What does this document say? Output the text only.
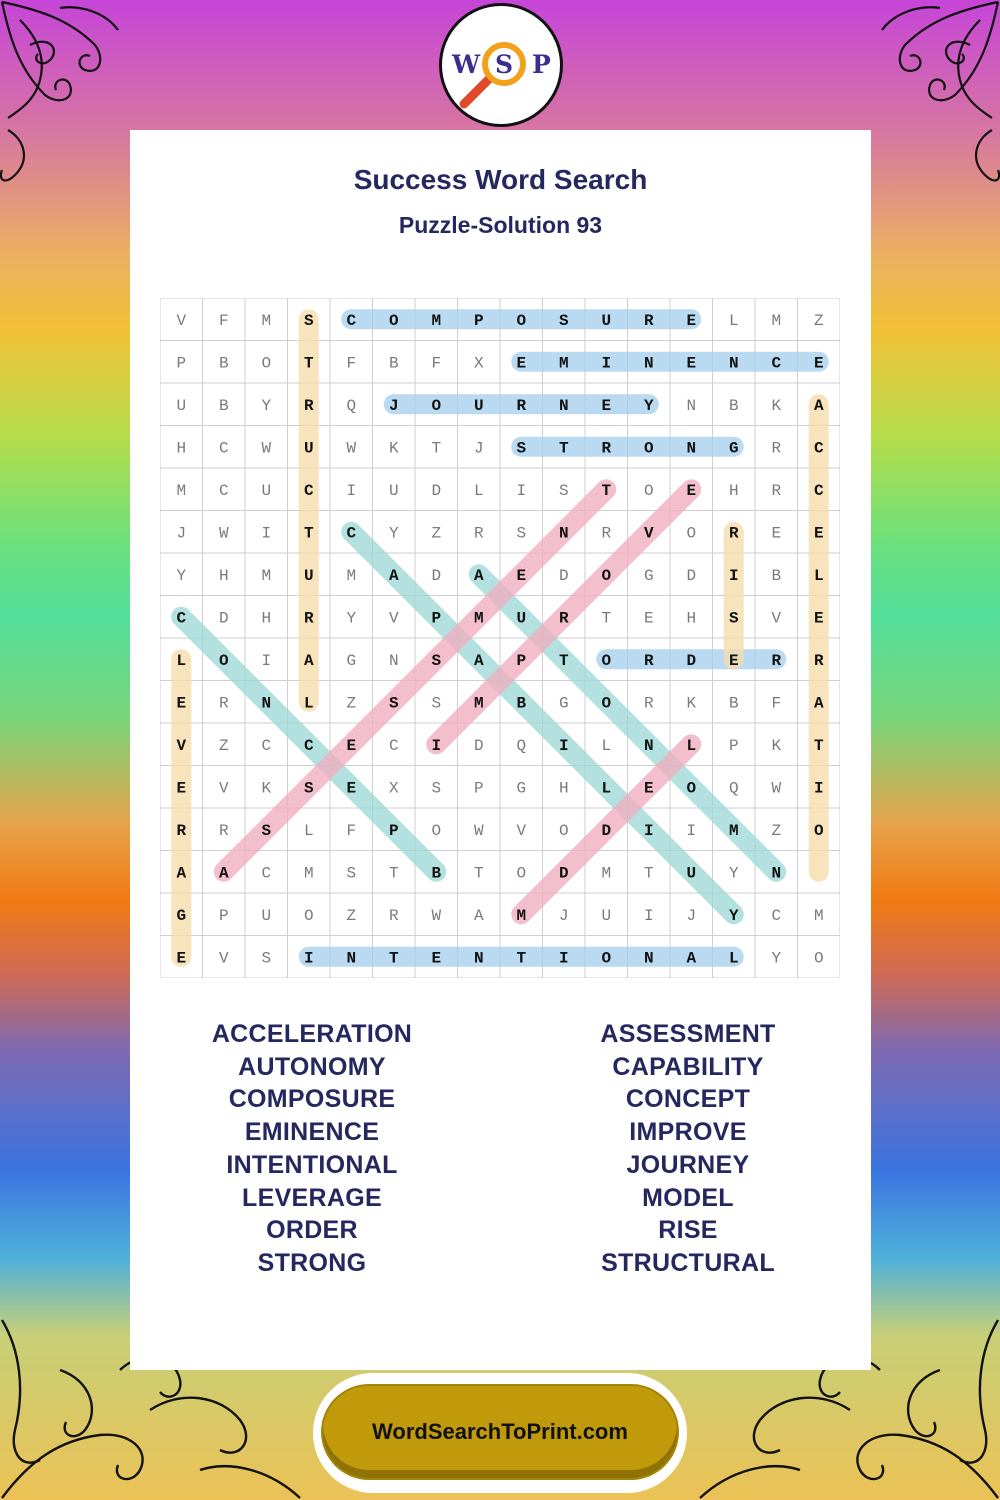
Success Word Search
Puzzle-Solution 93
W S P
V F M S C O M P O S U R E L M Z
P B O T F B F X E M I N E N C E
U B Y R Q J O U R N E Y N B K A
H C W U W K T J S T R O N G R C
M C U C I U D L I S T O E H R C
J W I T C Y Z R S N R V O R E E
Y H M U M A D A E D O G D I B L
C D H R Y V P M U R T E H S V E
L O I A G N S A P T O R D E R R
E R N L Z S S M B G O R K B F A
V Z C C E C I D Q I L N L P K T
E V K S E X S P G H L E O Q W I
R R S L F P O W V O D I I M Z O
A A C M S T B T O D M T U Y N
G P U O Z R W A M J U I J Y C M
E V S I N T E N T I O N A L Y O
ACCELERATION
AUTONOMY
COMPOSURE
EMINENCE
INTENTIONAL
LEVERAGE
ORDER
STRONG
ASSESSMENT
CAPABILITY
CONCEPT
IMPROVE
JOURNEY
MODEL
RISE
STRUCTURAL
WordSearchToPrint.com
